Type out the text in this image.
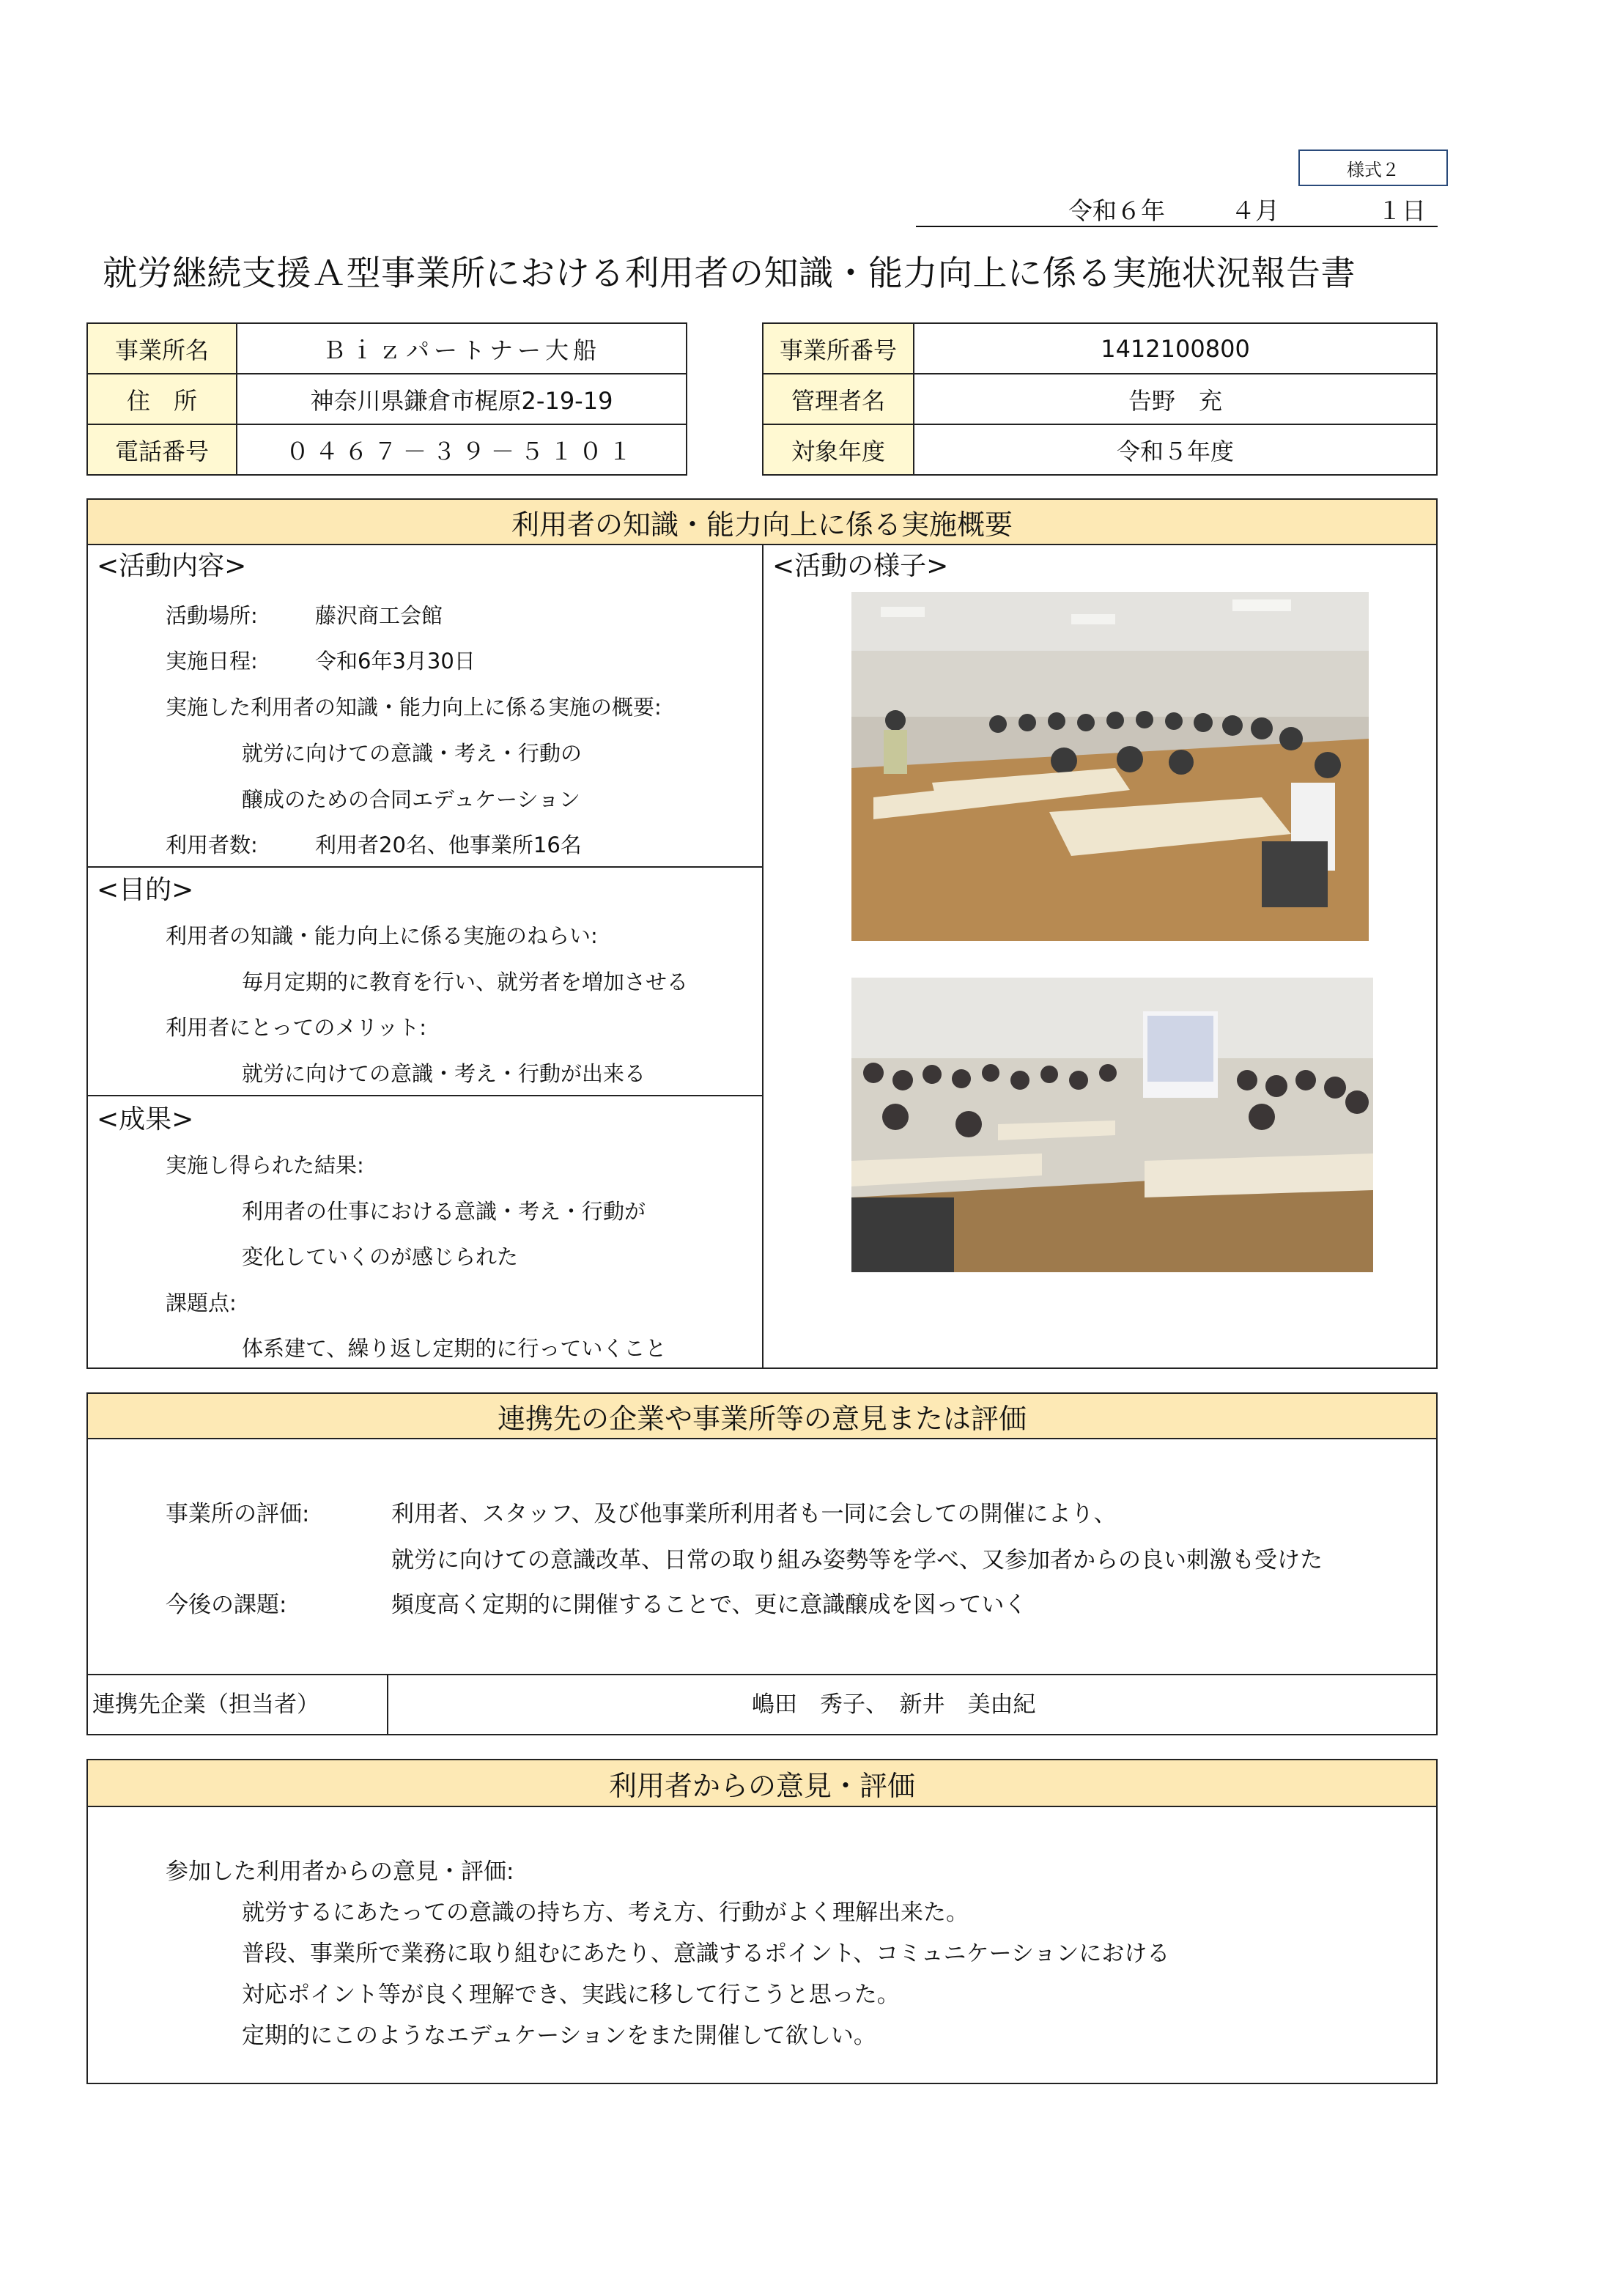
様式２
令和６年	４月	１日
就労継続支援Ａ型事業所における利用者の知識・能力向上に係る実施状況報告書
事業所名	Ｂｉｚパートナー大船
住　所	神奈川県鎌倉市梶原2-19-19
電話番号	０４６７－３９－５１０１
事業所番号	1412100800
管理者名	告野　充
対象年度	令和５年度
利用者の知識・能力向上に係る実施概要
<活動内容>
活動場所:	藤沢商工会館
実施日程:	令和6年3月30日
実施した利用者の知識・能力向上に係る実施の概要:
就労に向けての意識・考え・行動の
醸成のための合同エデュケーション
利用者数:	利用者20名、他事業所16名
<目的>
利用者の知識・能力向上に係る実施のねらい:
毎月定期的に教育を行い、就労者を増加させる
利用者にとってのメリット:
就労に向けての意識・考え・行動が出来る
<成果>
実施し得られた結果:
利用者の仕事における意識・考え・行動が
変化していくのが感じられた
課題点:
体系建て、繰り返し定期的に行っていくこと
<活動の様子>
連携先の企業や事業所等の意見または評価
事業所の評価:	利用者、スタッフ、及び他事業所利用者も一同に会しての開催により、
就労に向けての意識改革、日常の取り組み姿勢等を学べ、又参加者からの良い刺激も受けた
今後の課題:	頻度高く定期的に開催することで、更に意識醸成を図っていく
連携先企業（担当者）	嶋田　秀子、　新井　美由紀
利用者からの意見・評価
参加した利用者からの意見・評価:
就労するにあたっての意識の持ち方、考え方、行動がよく理解出来た。
普段、事業所で業務に取り組むにあたり、意識するポイント、コミュニケーションにおける
対応ポイント等が良く理解でき、実践に移して行こうと思った。
定期的にこのようなエデュケーションをまた開催して欲しい。
